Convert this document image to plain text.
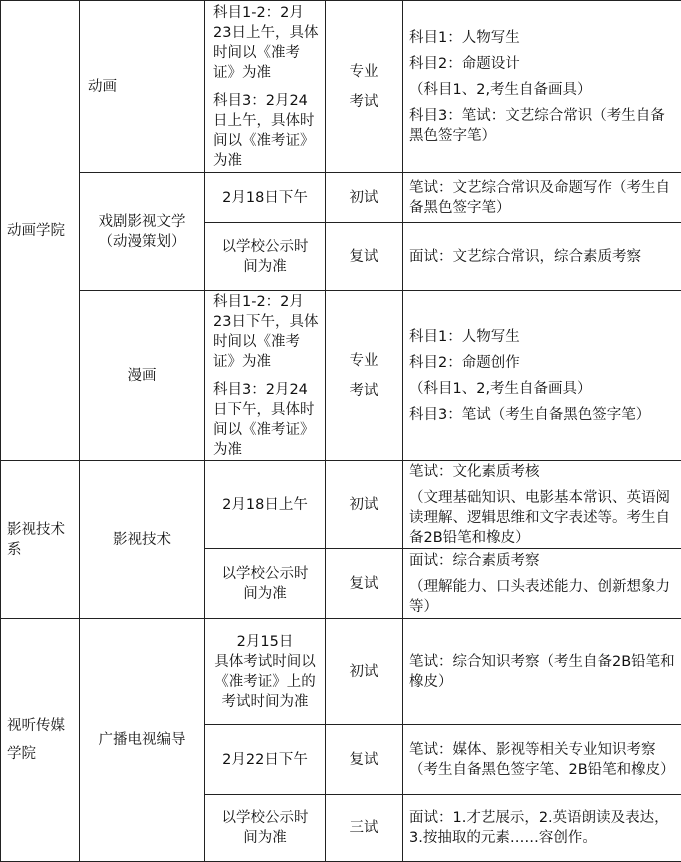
动画学院	动画	科目1-2：2月23日上午，具体时间以《准考证》为准
科目3：2月24日上午，具体时间以《准考证》为准	专业考试	科目1：人物写生
科目2：命题设计
（科目1、2,考生自备画具）
科目3：笔试：文艺综合常识（考生自备黑色签字笔）

	戏剧影视文学（动漫策划）	2月18日下午	初试	笔试：文艺综合常识及命题写作（考生自备黑色签字笔）

		以学校公示时间为准	复试	面试：文艺综合常识，综合素质考察

	漫画	科目1-2：2月23日下午，具体时间以《准考证》为准
科目3：2月24日下午，具体时间以《准考证》为准	专业考试	科目1：人物写生
科目2：命题创作
（科目1、2,考生自备画具）
科目3：笔试（考生自备黑色签字笔）

影视技术系	影视技术	2月18日上午	初试	笔试：文化素质考核
（文理基础知识、电影基本常识、英语阅读理解、逻辑思维和文字表述等。考生自备2B铅笔和橡皮）

		以学校公示时间为准	复试	面试：综合素质考察
（理解能力、口头表述能力、创新想象力等）

视听传媒学院	广播电视编导	2月15日
具体考试时间以《准考证》上的考试时间为准	初试	笔试：综合知识考察（考生自备2B铅笔和橡皮）

		2月22日下午	复试	笔试：媒体、影视等相关专业知识考察（考生自备黑色签字笔、2B铅笔和橡皮）

		以学校公示时间为准	三试	面试：1.才艺展示，2.英语朗读及表达，3.按抽取的元素……容创作。
